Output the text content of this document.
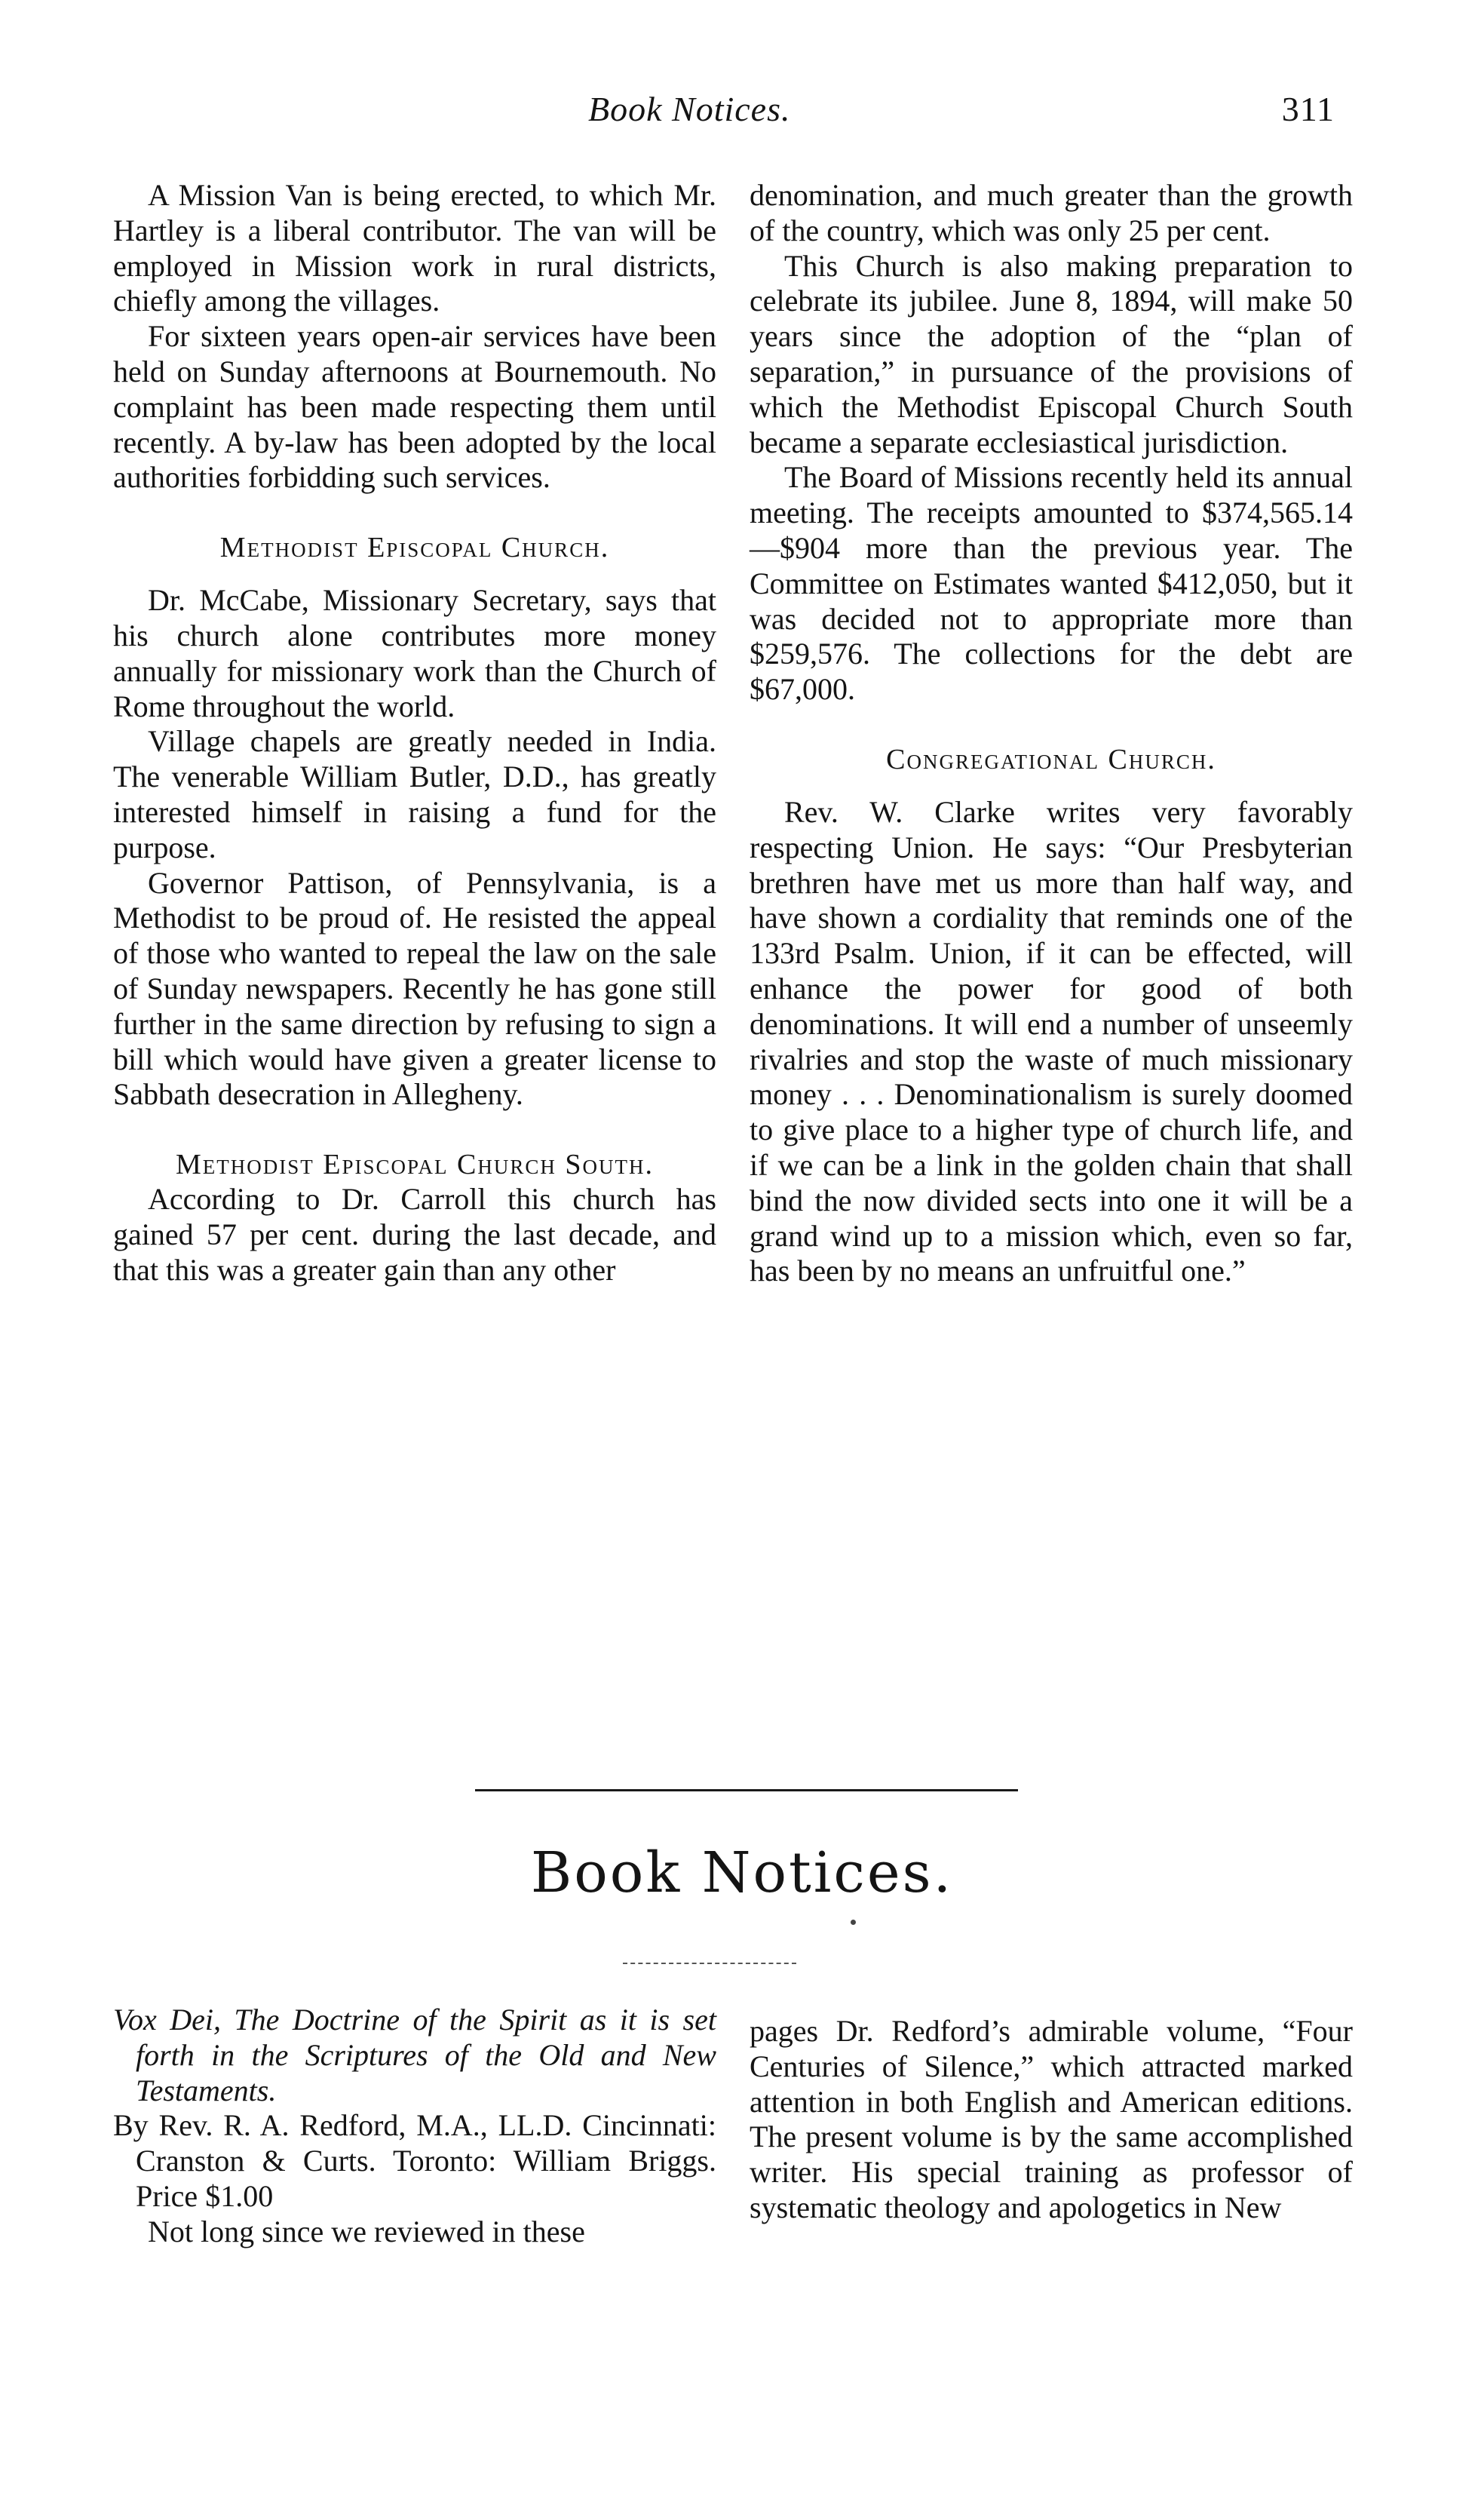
Book Notices.	311

A Mission Van is being erected, to which Mr. Hartley is a liberal contributor. The van will be employed in Mission work in rural districts, chiefly among the villages.

For sixteen years open-air services have been held on Sunday afternoons at Bournemouth. No complaint has been made respecting them until recently. A by-law has been adopted by the local authorities forbidding such services.

Methodist Episcopal Church.

Dr. McCabe, Missionary Secretary, says that his church alone contributes more money annually for missionary work than the Church of Rome throughout the world.

Village chapels are greatly needed in India. The venerable William Butler, D.D., has greatly interested himself in raising a fund for the purpose.

Governor Pattison, of Pennsylvania, is a Methodist to be proud of. He resisted the appeal of those who wanted to repeal the law on the sale of Sunday newspapers. Recently he has gone still further in the same direction by refusing to sign a bill which would have given a greater license to Sabbath desecration in Allegheny.

Methodist Episcopal Church South.

According to Dr. Carroll this church has gained 57 per cent. during the last decade, and that this was a greater gain than any other

denomination, and much greater than the growth of the country, which was only 25 per cent.

This Church is also making preparation to celebrate its jubilee. June 8, 1894, will make 50 years since the adoption of the “plan of separation,” in pursuance of the provisions of which the Methodist Episcopal Church South became a separate ecclesiastical jurisdiction.

The Board of Missions recently held its annual meeting. The receipts amounted to $374,565.14—$904 more than the previous year. The Committee on Estimates wanted $412,050, but it was decided not to appropriate more than $259,576. The collections for the debt are $67,000.

Congregational Church.

Rev. W. Clarke writes very favorably respecting Union. He says: “Our Presbyterian brethren have met us more than half way, and have shown a cordiality that reminds one of the 133rd Psalm. Union, if it can be effected, will enhance the power for good of both denominations. It will end a number of unseemly rivalries and stop the waste of much missionary money . . . Denominationalism is surely doomed to give place to a higher type of church life, and if we can be a link in the golden chain that shall bind the now divided sects into one it will be a grand wind up to a mission which, even so far, has been by no means an unfruitful one.”

Book Notices.

Vox Dei, The Doctrine of the Spirit as it is set forth in the Scriptures of the Old and New Testaments.

By Rev. R. A. Redford, M.A., LL.D. Cincinnati: Cranston & Curts. Toronto: William Briggs. Price $1.00

Not long since we reviewed in these

pages Dr. Redford’s admirable volume, “Four Centuries of Silence,” which attracted marked attention in both English and American editions. The present volume is by the same accomplished writer. His special training as professor of systematic theology and apologetics in New
